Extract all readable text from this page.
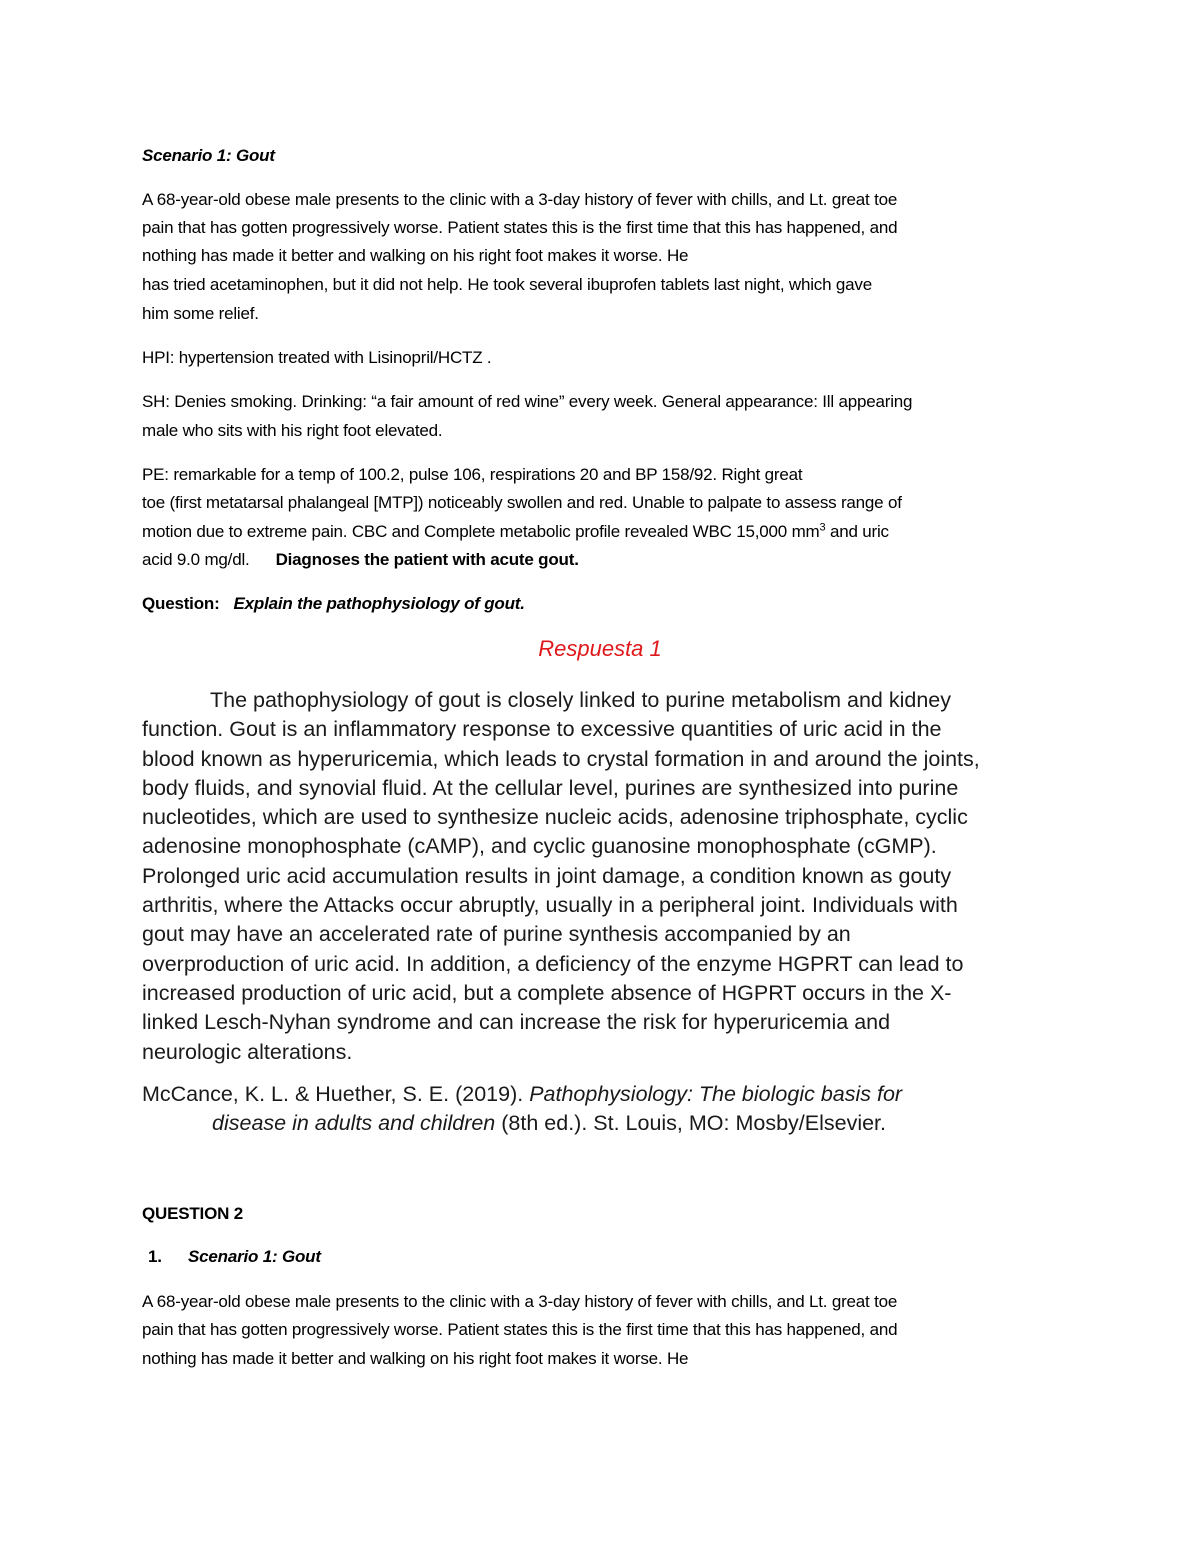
Scenario 1: Gout
A 68-year-old obese male presents to the clinic with a 3-day history of fever with chills, and Lt. great toe
pain that has gotten progressively worse. Patient states this is the first time that this has happened, and
nothing has made it better and walking on his right foot makes it worse. He
has tried acetaminophen, but it did not help. He took several ibuprofen tablets last night, which gave
him some relief.
HPI: hypertension treated with Lisinopril/HCTZ .
SH: Denies smoking. Drinking: “a fair amount of red wine” every week. General appearance: Ill appearing
male who sits with his right foot elevated.
PE: remarkable for a temp of 100.2, pulse 106, respirations 20 and BP 158/92. Right great
toe (first metatarsal phalangeal [MTP]) noticeably swollen and red. Unable to palpate to assess range of
motion due to extreme pain. CBC and Complete metabolic profile revealed WBC 15,000 $mm^3$ and uric
acid 9.0 mg/dl. Diagnoses the patient with acute gout.
Question: Explain the pathophysiology of gout.
Respuesta 1
The pathophysiology of gout is closely linked to purine metabolism and kidney
function. Gout is an inflammatory response to excessive quantities of uric acid in the
blood known as hyperuricemia, which leads to crystal formation in and around the joints,
body fluids, and synovial fluid. At the cellular level, purines are synthesized into purine
nucleotides, which are used to synthesize nucleic acids, adenosine triphosphate, cyclic
adenosine monophosphate (cAMP), and cyclic guanosine monophosphate (cGMP).
Prolonged uric acid accumulation results in joint damage, a condition known as gouty
arthritis, where the Attacks occur abruptly, usually in a peripheral joint. Individuals with
gout may have an accelerated rate of purine synthesis accompanied by an
overproduction of uric acid. In addition, a deficiency of the enzyme HGPRT can lead to
increased production of uric acid, but a complete absence of HGPRT occurs in the X-
linked Lesch-Nyhan syndrome and can increase the risk for hyperuricemia and
neurologic alterations.
McCance, K. L. & Huether, S. E. (2019). Pathophysiology: The biologic basis for
disease in adults and children (8th ed.). St. Louis, MO: Mosby/Elsevier.
QUESTION 2
1. Scenario 1: Gout
A 68-year-old obese male presents to the clinic with a 3-day history of fever with chills, and Lt. great toe
pain that has gotten progressively worse. Patient states this is the first time that this has happened, and
nothing has made it better and walking on his right foot makes it worse. He
